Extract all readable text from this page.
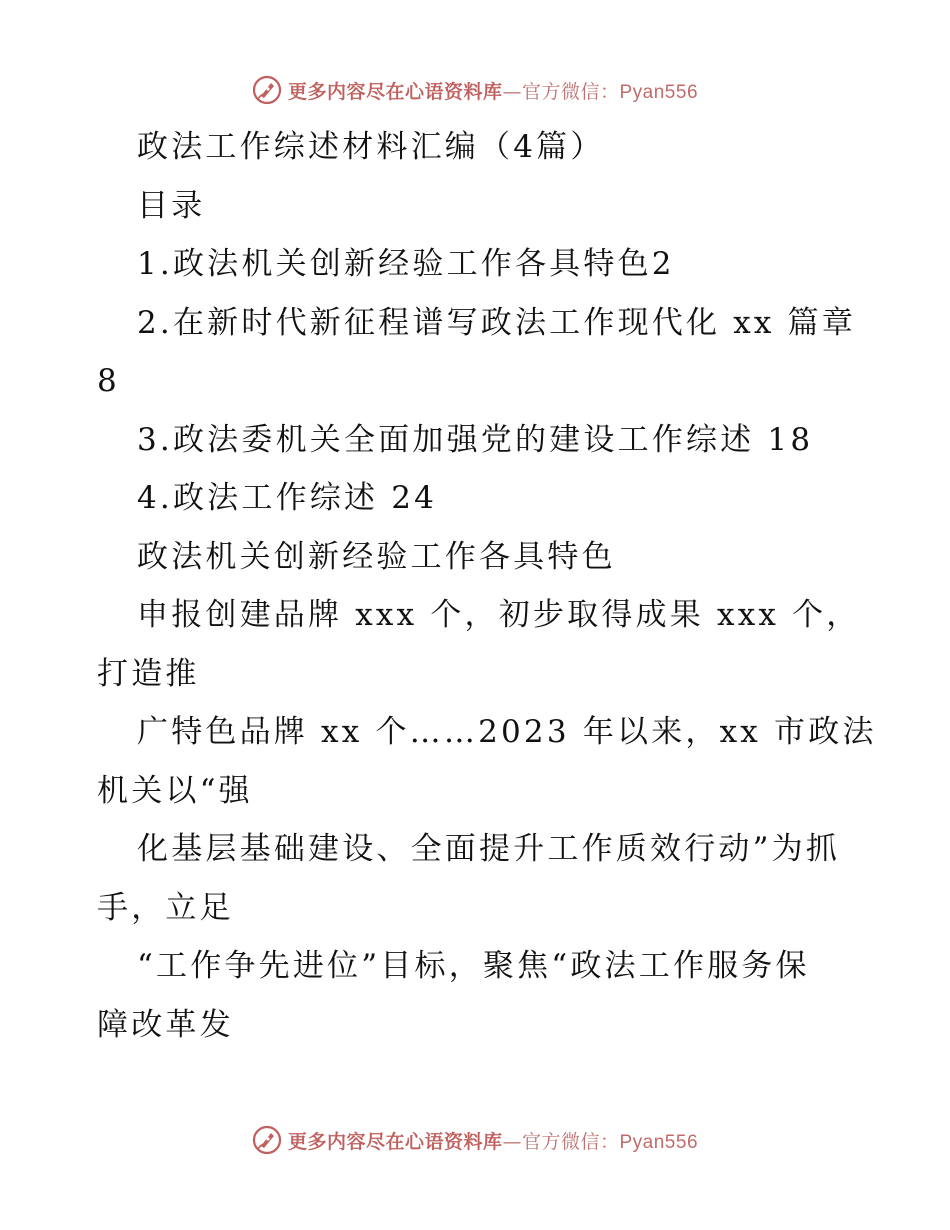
更多内容尽在心语资料库—官方微信：Pyan556
政法工作综述材料汇编（4篇）
目录
1.政法机关创新经验工作各具特色2
2.在新时代新征程谱写政法工作现代化 xx 篇章
8
3.政法委机关全面加强党的建设工作综述 18
4.政法工作综述 24
政法机关创新经验工作各具特色
申报创建品牌 xxx 个，初步取得成果 xxx 个，
打造推
广特色品牌 xx 个……2023 年以来，xx 市政法
机关以“强
化基层基础建设、全面提升工作质效行动”为抓
手，立足
“工作争先进位”目标，聚焦“政法工作服务保
障改革发
更多内容尽在心语资料库—官方微信：Pyan556
